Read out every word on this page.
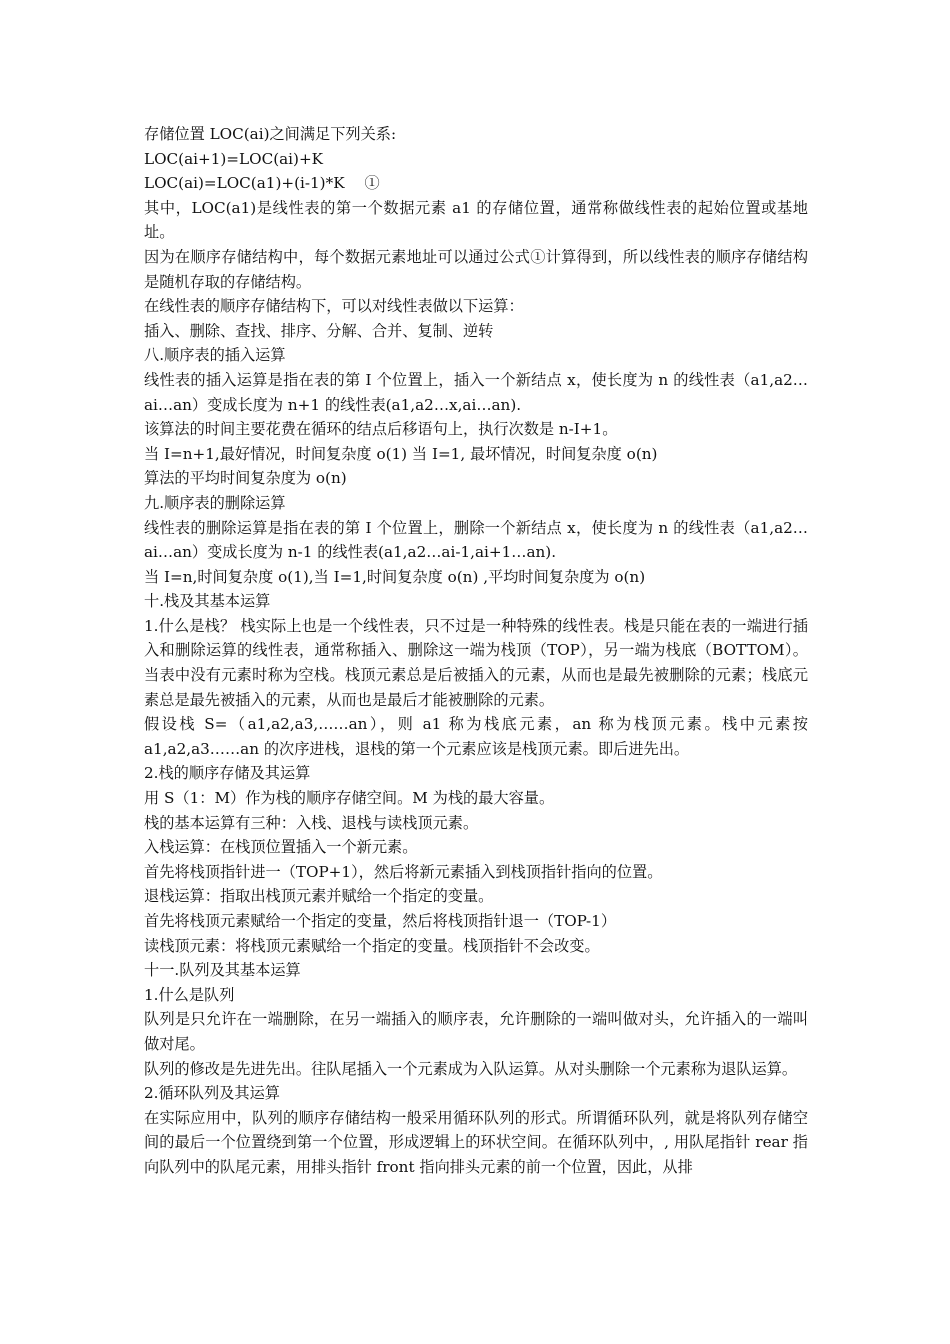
存储位置 LOC(ai)之间满足下列关系:

LOC(ai+1)=LOC(ai)+K

LOC(ai)=LOC(a1)+(i-1)*K　 ①

其中，LOC(a1)是线性表的第一个数据元素 a1 的存储位置，通常称做线性表的起始位置或基地址。

因为在顺序存储结构中，每个数据元素地址可以通过公式①计算得到，所以线性表的顺序存储结构是随机存取的存储结构。

在线性表的顺序存储结构下，可以对线性表做以下运算：

插入、删除、查找、排序、分解、合并、复制、逆转

八.顺序表的插入运算

线性表的插入运算是指在表的第 I 个位置上，插入一个新结点 x，使长度为 n 的线性表（a1,a2…ai…an）变成长度为 n+1 的线性表(a1,a2…x,ai…an).

该算法的时间主要花费在循环的结点后移语句上，执行次数是 n-I+1。

当 I=n+1,最好情况，时间复杂度 o(1) 当 I=1, 最坏情况，时间复杂度 o(n)

算法的平均时间复杂度为 o(n)

九.顺序表的删除运算

线性表的删除运算是指在表的第 I 个位置上，删除一个新结点 x，使长度为 n 的线性表（a1,a2…ai…an）变成长度为 n-1 的线性表(a1,a2…ai-1,ai+1…an).

当 I=n,时间复杂度 o(1),当 I=1,时间复杂度 o(n) ,平均时间复杂度为 o(n)

十.栈及其基本运算

1.什么是栈？ 栈实际上也是一个线性表，只不过是一种特殊的线性表。栈是只能在表的一端进行插入和删除运算的线性表，通常称插入、删除这一端为栈顶（TOP），另一端为栈底（BOTTOM）。当表中没有元素时称为空栈。栈顶元素总是后被插入的元素，从而也是最先被删除的元素；栈底元素总是最先被插入的元素，从而也是最后才能被删除的元素。

假设栈 S=（a1,a2,a3,……an），则 a1 称为栈底元素，an 称为栈顶元素。栈中元素按 a1,a2,a3……an 的次序进栈，退栈的第一个元素应该是栈顶元素。即后进先出。

2.栈的顺序存储及其运算

用 S（1：M）作为栈的顺序存储空间。M 为栈的最大容量。

栈的基本运算有三种：入栈、退栈与读栈顶元素。

入栈运算：在栈顶位置插入一个新元素。

首先将栈顶指针进一（TOP+1），然后将新元素插入到栈顶指针指向的位置。

退栈运算：指取出栈顶元素并赋给一个指定的变量。

首先将栈顶元素赋给一个指定的变量，然后将栈顶指针退一（TOP-1）

读栈顶元素：将栈顶元素赋给一个指定的变量。栈顶指针不会改变。

十一.队列及其基本运算

1.什么是队列

队列是只允许在一端删除，在另一端插入的顺序表，允许删除的一端叫做对头，允许插入的一端叫做对尾。

队列的修改是先进先出。往队尾插入一个元素成为入队运算。从对头删除一个元素称为退队运算。

2.循环队列及其运算

在实际应用中，队列的顺序存储结构一般采用循环队列的形式。所谓循环队列，就是将队列存储空间的最后一个位置绕到第一个位置，形成逻辑上的环状空间。在循环队列中，, 用队尾指针 rear 指向队列中的队尾元素，用排头指针 front 指向排头元素的前一个位置，因此，从排
